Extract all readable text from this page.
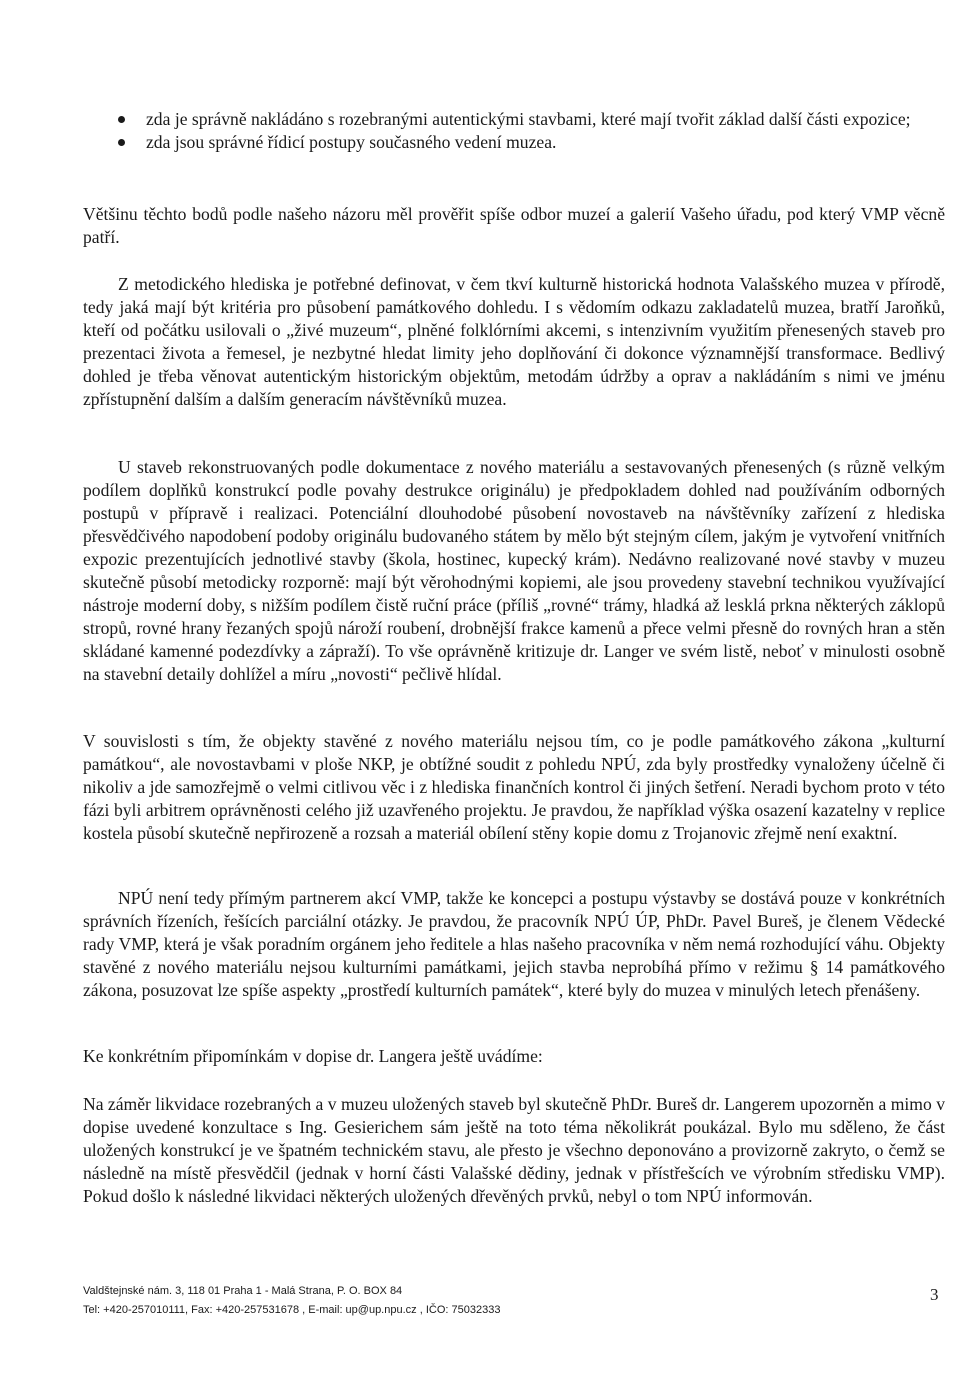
zda je správně nakládáno s rozebranými autentickými stavbami, které mají tvořit základ další části expozice;
zda jsou správné řídicí postupy současného vedení muzea.

Většinu těchto bodů podle našeho názoru měl prověřit spíše odbor muzeí a galerií Vašeho úřadu, pod který VMP věcně patří.

Z metodického hlediska je potřebné definovat, v čem tkví kulturně historická hodnota Valašského muzea v přírodě, tedy jaká mají být kritéria pro působení památkového dohledu. I s vědomím odkazu zakladatelů muzea, bratří Jaroňků, kteří od počátku usilovali o „živé muzeum“, plněné folklórními akcemi, s intenzivním využitím přenesených staveb pro prezentaci života a řemesel, je nezbytné hledat limity jeho doplňování či dokonce významnější transformace. Bedlivý dohled je třeba věnovat autentickým historickým objektům, metodám údržby a oprav a nakládáním s nimi ve jménu zpřístupnění dalším a dalším generacím návštěvníků muzea.

U staveb rekonstruovaných podle dokumentace z nového materiálu a sestavovaných přenesených (s různě velkým podílem doplňků konstrukcí podle povahy destrukce originálu) je předpokladem dohled nad používáním odborných postupů v přípravě i realizaci. Potenciální dlouhodobé působení novostaveb na návštěvníky zařízení z hlediska přesvědčivého napodobení podoby originálu budovaného státem by mělo být stejným cílem, jakým je vytvoření vnitřních expozic prezentujících jednotlivé stavby (škola, hostinec, kupecký krám). Nedávno realizované nové stavby v muzeu skutečně působí metodicky rozporně: mají být věrohodnými kopiemi, ale jsou provedeny stavební technikou využívající nástroje moderní doby, s nižším podílem čistě ruční práce (příliš „rovné“ trámy, hladká až lesklá prkna některých záklopů stropů, rovné hrany řezaných spojů nároží roubení, drobnější frakce kamenů a přece velmi přesně do rovných hran a stěn skládané kamenné podezdívky a zápraží). To vše oprávněně kritizuje dr. Langer ve svém listě, neboť v minulosti osobně na stavební detaily dohlížel a míru „novosti“ pečlivě hlídal.

V souvislosti s tím, že objekty stavěné z nového materiálu nejsou tím, co je podle památkového zákona „kulturní památkou“, ale novostavbami v ploše NKP, je obtížné soudit z pohledu NPÚ, zda byly prostředky vynaloženy účelně či nikoliv a jde samozřejmě o velmi citlivou věc i z hlediska finančních kontrol či jiných šetření. Neradi bychom proto v této fázi byli arbitrem oprávněnosti celého již uzavřeného projektu. Je pravdou, že například výška osazení kazatelny v replice kostela působí skutečně nepřirozeně a rozsah a materiál obílení stěny kopie domu z Trojanovic zřejmě není exaktní.

NPÚ není tedy přímým partnerem akcí VMP, takže ke koncepci a postupu výstavby se dostává pouze v konkrétních správních řízeních, řešících parciální otázky. Je pravdou, že pracovník NPÚ ÚP, PhDr. Pavel Bureš, je členem Vědecké rady VMP, která je však poradním orgánem jeho ředitele a hlas našeho pracovníka v něm nemá rozhodující váhu. Objekty stavěné z nového materiálu nejsou kulturními památkami, jejich stavba neprobíhá přímo v režimu § 14 památkového zákona, posuzovat lze spíše aspekty „prostředí kulturních památek“, které byly do muzea v minulých letech přenášeny.

Ke konkrétním připomínkám v dopise dr. Langera ještě uvádíme:

Na záměr likvidace rozebraných a v muzeu uložených staveb byl skutečně PhDr. Bureš dr. Langerem upozorněn a mimo v dopise uvedené konzultace s Ing. Gesierichem sám ještě na toto téma několikrát poukázal. Bylo mu sděleno, že část uložených konstrukcí je ve špatném technickém stavu, ale přesto je všechno deponováno a provizorně zakryto, o čemž se následně na místě přesvědčil (jednak v horní části Valašské dědiny, jednak v přístřešcích ve výrobním středisku VMP). Pokud došlo k následné likvidaci některých uložených dřevěných prvků, nebyl o tom NPÚ informován.

Valdštejnské nám. 3, 118 01 Praha 1 - Malá Strana, P. O. BOX 84
Tel: +420-257010111, Fax: +420-257531678 , E-mail: up@up.npu.cz , IČO: 75032333
3
